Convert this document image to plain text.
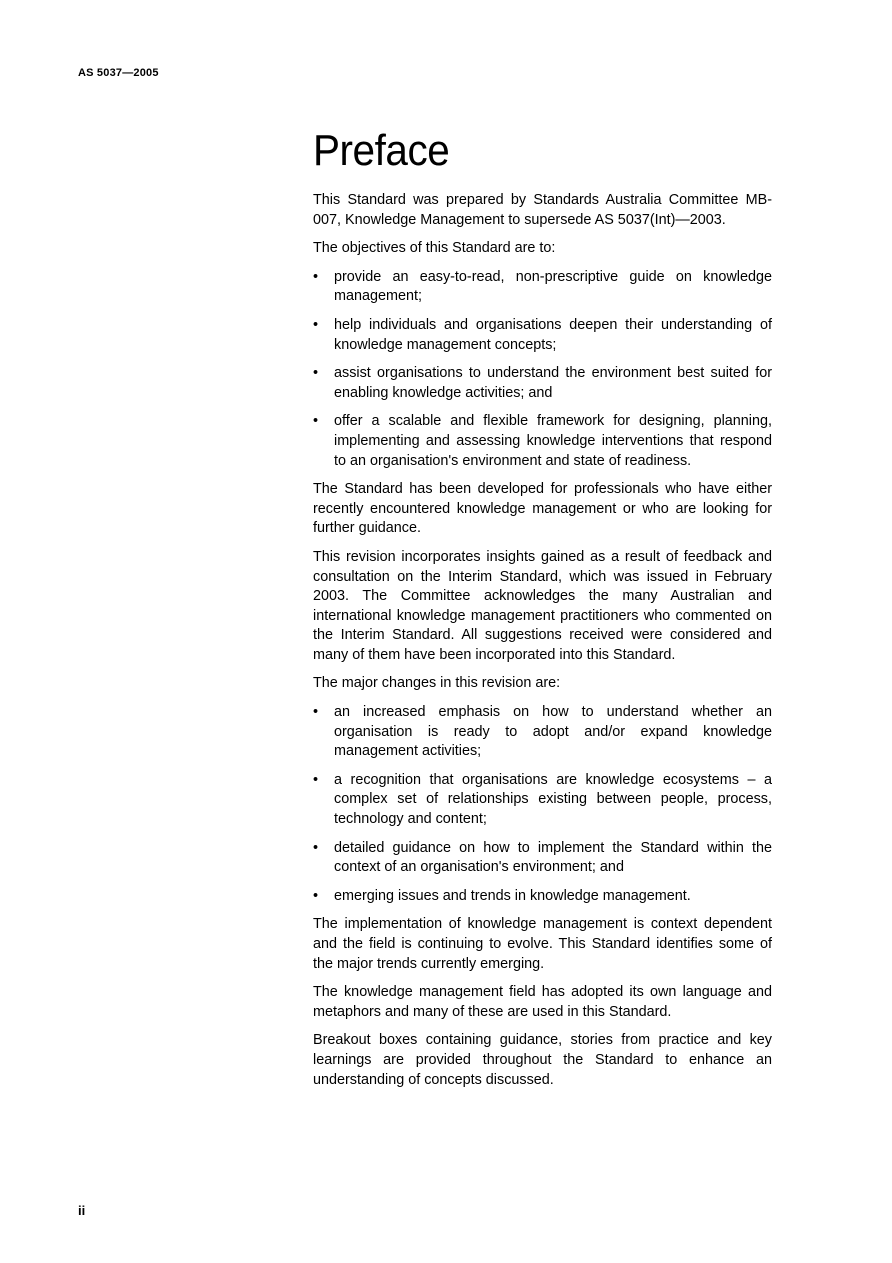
AS 5037—2005
Preface

This Standard was prepared by Standards Australia Committee MB-007, Knowledge Management to supersede AS 5037(Int)—2003.

The objectives of this Standard are to:

• provide an easy-to-read, non-prescriptive guide on knowledge management;
• help individuals and organisations deepen their understanding of knowledge management concepts;
• assist organisations to understand the environment best suited for enabling knowledge activities; and
• offer a scalable and flexible framework for designing, planning, implementing and assessing knowledge interventions that respond to an organisation's environment and state of readiness.

The Standard has been developed for professionals who have either recently encountered knowledge management or who are looking for further guidance.

This revision incorporates insights gained as a result of feedback and consultation on the Interim Standard, which was issued in February 2003. The Committee acknowledges the many Australian and international knowledge management practitioners who commented on the Interim Standard. All suggestions received were considered and many of them have been incorporated into this Standard.

The major changes in this revision are:

• an increased emphasis on how to understand whether an organisation is ready to adopt and/or expand knowledge management activities;
• a recognition that organisations are knowledge ecosystems – a complex set of relationships existing between people, process, technology and content;
• detailed guidance on how to implement the Standard within the context of an organisation's environment; and
• emerging issues and trends in knowledge management.

The implementation of knowledge management is context dependent and the field is continuing to evolve. This Standard identifies some of the major trends currently emerging.

The knowledge management field has adopted its own language and metaphors and many of these are used in this Standard.

Breakout boxes containing guidance, stories from practice and key learnings are provided throughout the Standard to enhance an understanding of concepts discussed.

ii
